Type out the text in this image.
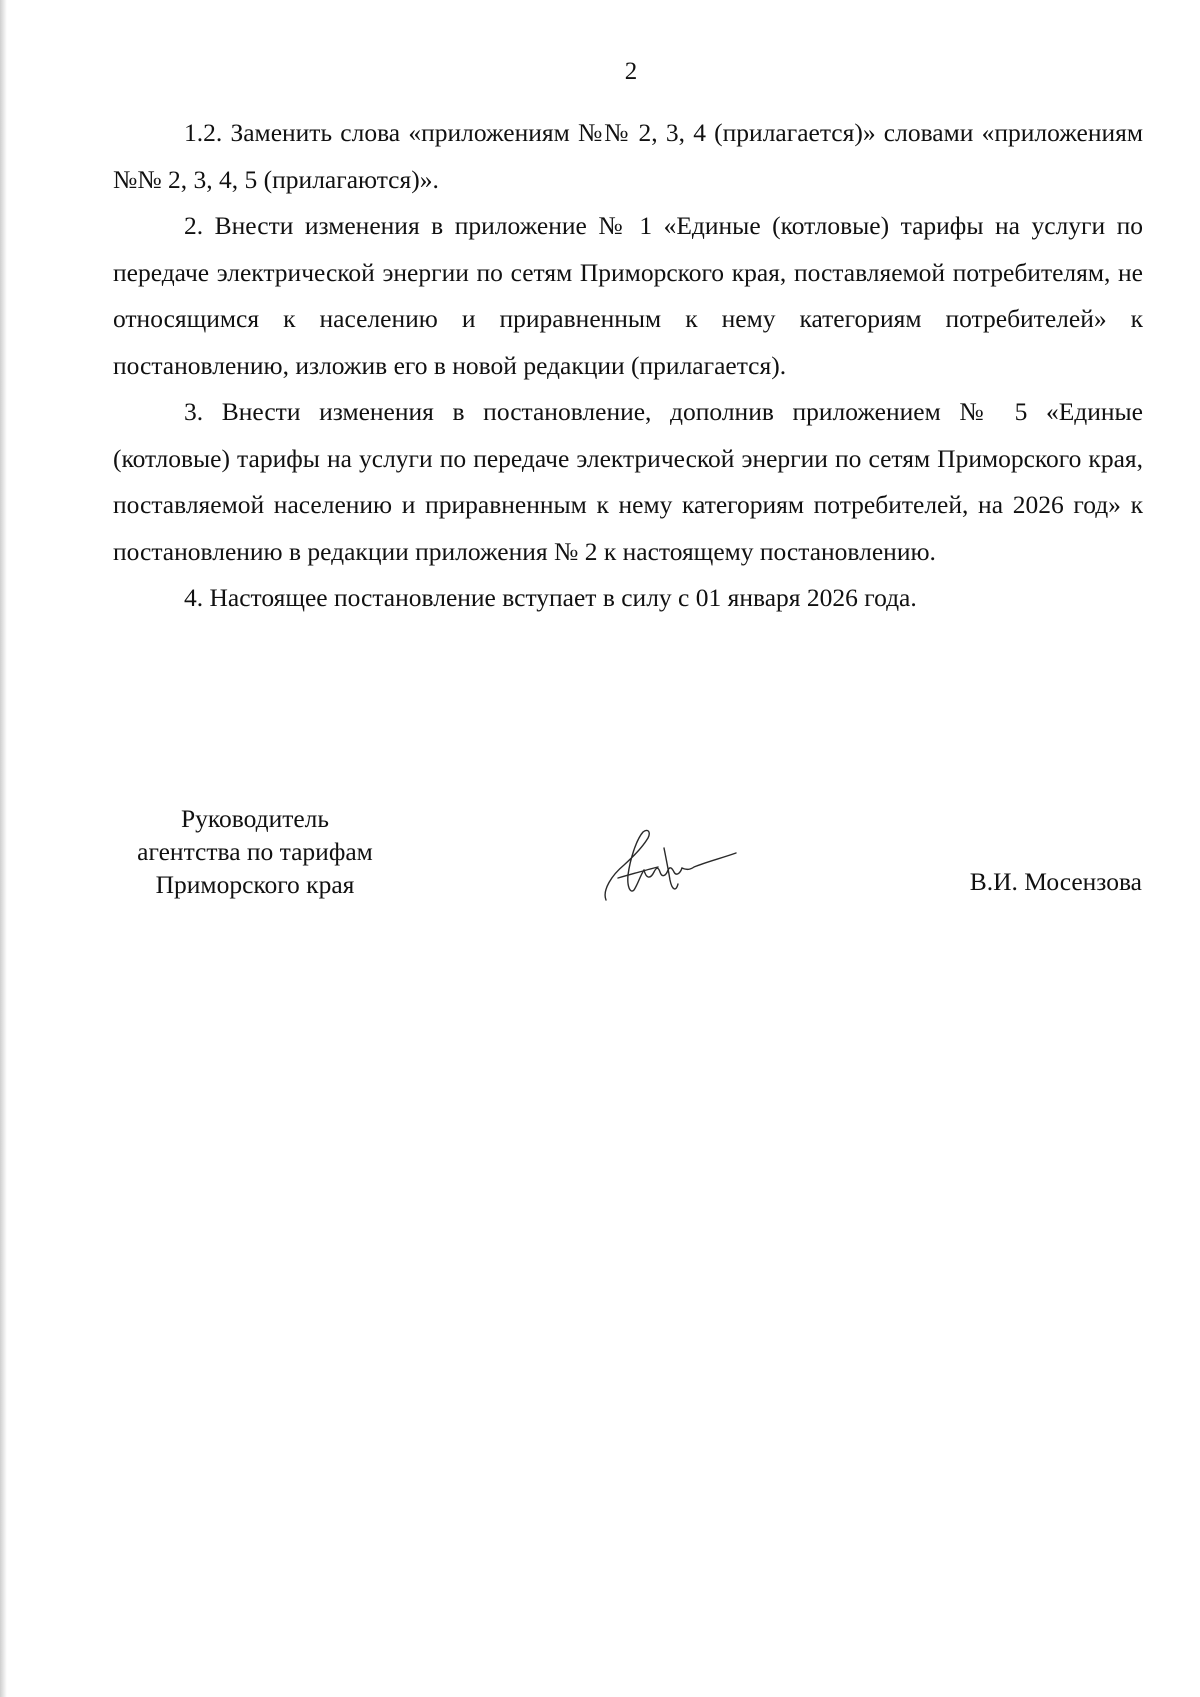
2

1.2. Заменить слова «приложениям №№ 2, 3, 4 (прилагается)» словами «приложениям №№ 2, 3, 4, 5 (прилагаются)».

2. Внести изменения в приложение № 1 «Единые (котловые) тарифы на услуги по передаче электрической энергии по сетям Приморского края, поставляемой потребителям, не относящимся к населению и приравненным к нему категориям потребителей» к постановлению, изложив его в новой редакции (прилагается).

3. Внести изменения в постановление, дополнив приложением № 5 «Единые (котловые) тарифы на услуги по передаче электрической энергии по сетям Приморского края, поставляемой населению и приравненным к нему категориям потребителей, на 2026 год» к постановлению в редакции приложения № 2 к настоящему постановлению.

4. Настоящее постановление вступает в силу с 01 января 2026 года.

Руководитель
агентства по тарифам
Приморского края	В.И. Мосензова
